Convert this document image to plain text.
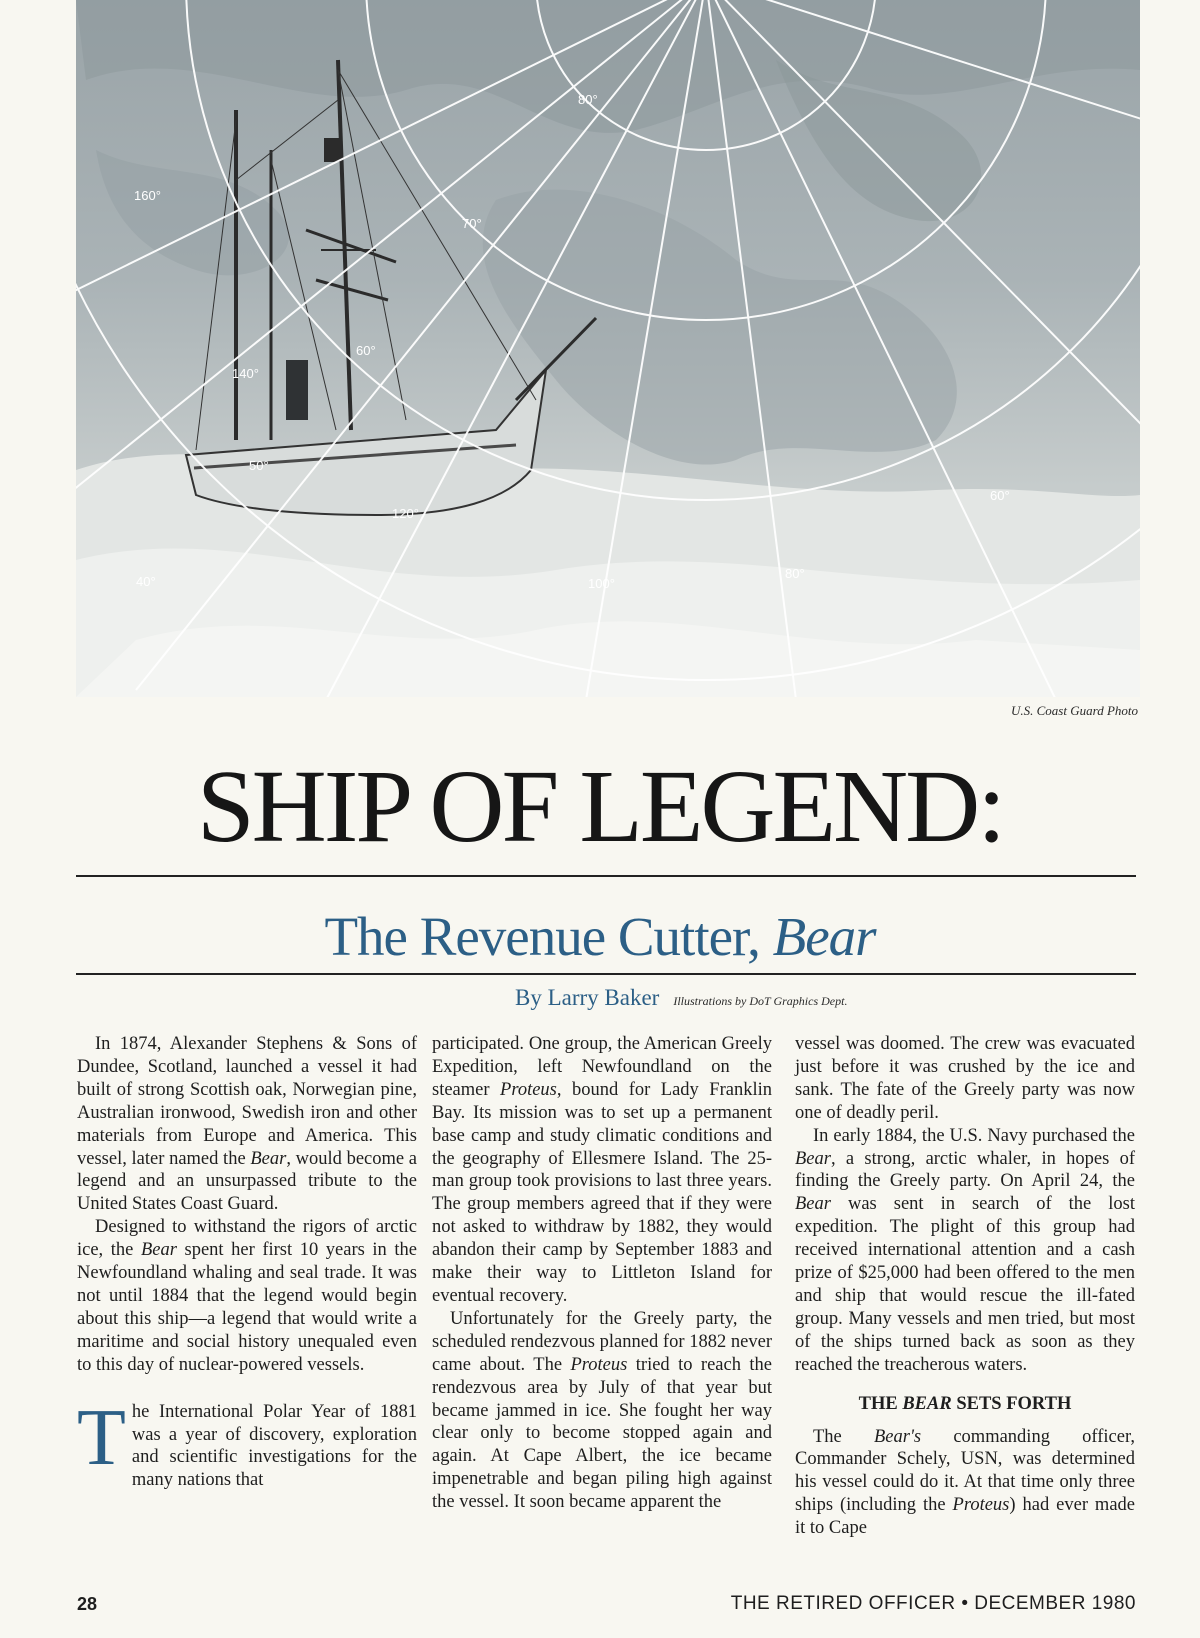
80°
160°
70°
60°
140°
50°
120°
40°	100°
80°
60°
U.S. Coast Guard Photo
SHIP OF LEGEND:
The Revenue Cutter, Bear
By Larry Baker Illustrations by DoT Graphics Dept.

In 1874, Alexander Stephens & Sons of Dundee, Scotland, launched a vessel it had built of strong Scottish oak, Norwegian pine, Australian ironwood, Swedish iron and other materials from Europe and America. This vessel, later named the Bear, would become a legend and an unsurpassed tribute to the United States Coast Guard.

Designed to withstand the rigors of arctic ice, the Bear spent her first 10 years in the Newfoundland whaling and seal trade. It was not until 1884 that the legend would begin about this ship—a legend that would write a maritime and social history unequaled even to this day of nuclear-powered vessels.

The International Polar Year of 1881 was a year of discovery, exploration and scientific investigations for the many nations that

participated. One group, the American Greely Expedition, left Newfoundland on the steamer Proteus, bound for Lady Franklin Bay. Its mission was to set up a permanent base camp and study climatic conditions and the geography of Ellesmere Island. The 25-man group took provisions to last three years. The group members agreed that if they were not asked to withdraw by 1882, they would abandon their camp by September 1883 and make their way to Littleton Island for eventual recovery.

Unfortunately for the Greely party, the scheduled rendezvous planned for 1882 never came about. The Proteus tried to reach the rendezvous area by July of that year but became jammed in ice. She fought her way clear only to become stopped again and again. At Cape Albert, the ice became impenetrable and began piling high against the vessel. It soon became apparent the

vessel was doomed. The crew was evacuated just before it was crushed by the ice and sank. The fate of the Greely party was now one of deadly peril.

In early 1884, the U.S. Navy purchased the Bear, a strong, arctic whaler, in hopes of finding the Greely party. On April 24, the Bear was sent in search of the lost expedition. The plight of this group had received international attention and a cash prize of $25,000 had been offered to the men and ship that would rescue the ill-fated group. Many vessels and men tried, but most of the ships turned back as soon as they reached the treacherous waters.

THE BEAR SETS FORTH

The Bear's commanding officer, Commander Schely, USN, was determined his vessel could do it. At that time only three ships (including the Proteus) had ever made it to Cape

28	THE RETIRED OFFICER • DECEMBER 1980
